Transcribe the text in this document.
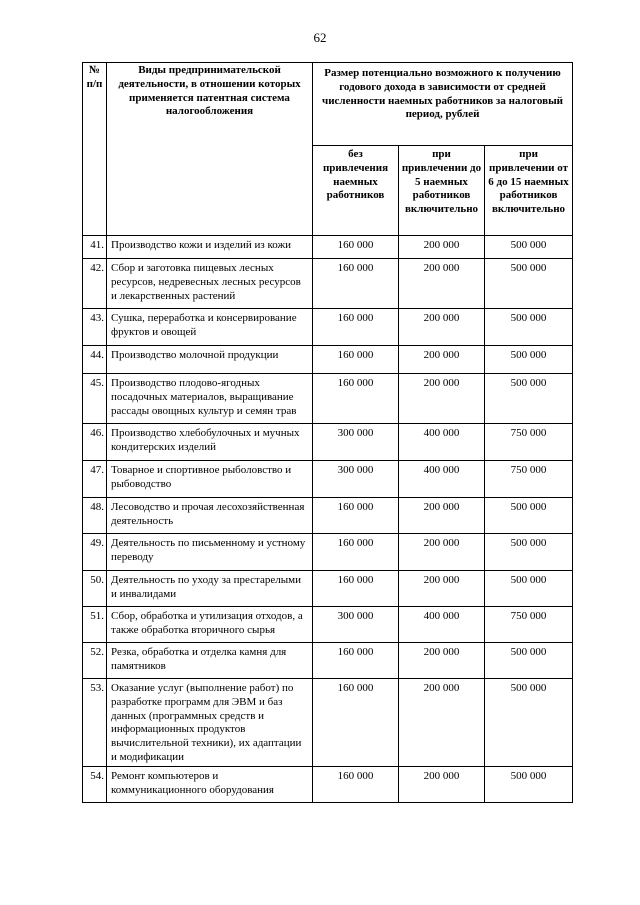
62
№ п/п	Виды предпринимательской деятельности, в отношении которых применяется патентная система налогообложения	Размер потенциально возможного к получению годового дохода в зависимости от средней численности наемных работников за налоговый период, рублей		
		без привлечения наемных работников	при привлечении до 5 наемных работников включительно	при привлечении от 6 до 15 наемных работников включительно
41.	Производство кожи и изделий из кожи	160 000	200 000	500 000
42.	Сбор и заготовка пищевых лесных ресурсов, недревесных лесных ресурсов и лекарственных растений	160 000	200 000	500 000
43.	Сушка, переработка и консервирование фруктов и овощей	160 000	200 000	500 000
44.	Производство молочной продукции	160 000	200 000	500 000
45.	Производство плодово-ягодных посадочных материалов, выращивание рассады овощных культур и семян трав	160 000	200 000	500 000
46.	Производство хлебобулочных и мучных кондитерских изделий	300 000	400 000	750 000
47.	Товарное и спортивное рыболовство и рыбоводство	300 000	400 000	750 000
48.	Лесоводство и прочая лесохозяйственная деятельность	160 000	200 000	500 000
49.	Деятельность по письменному и устному переводу	160 000	200 000	500 000
50.	Деятельность по уходу за престарелыми и инвалидами	160 000	200 000	500 000
51.	Сбор, обработка и утилизация отходов, а также обработка вторичного сырья	300 000	400 000	750 000
52.	Резка, обработка и отделка камня для памятников	160 000	200 000	500 000
53.	Оказание услуг (выполнение работ) по разработке программ для ЭВМ и баз данных (программных средств и информационных продуктов вычислительной техники), их адаптации и модификации	160 000	200 000	500 000
54.	Ремонт компьютеров и коммуникационного оборудования	160 000	200 000	500 000
